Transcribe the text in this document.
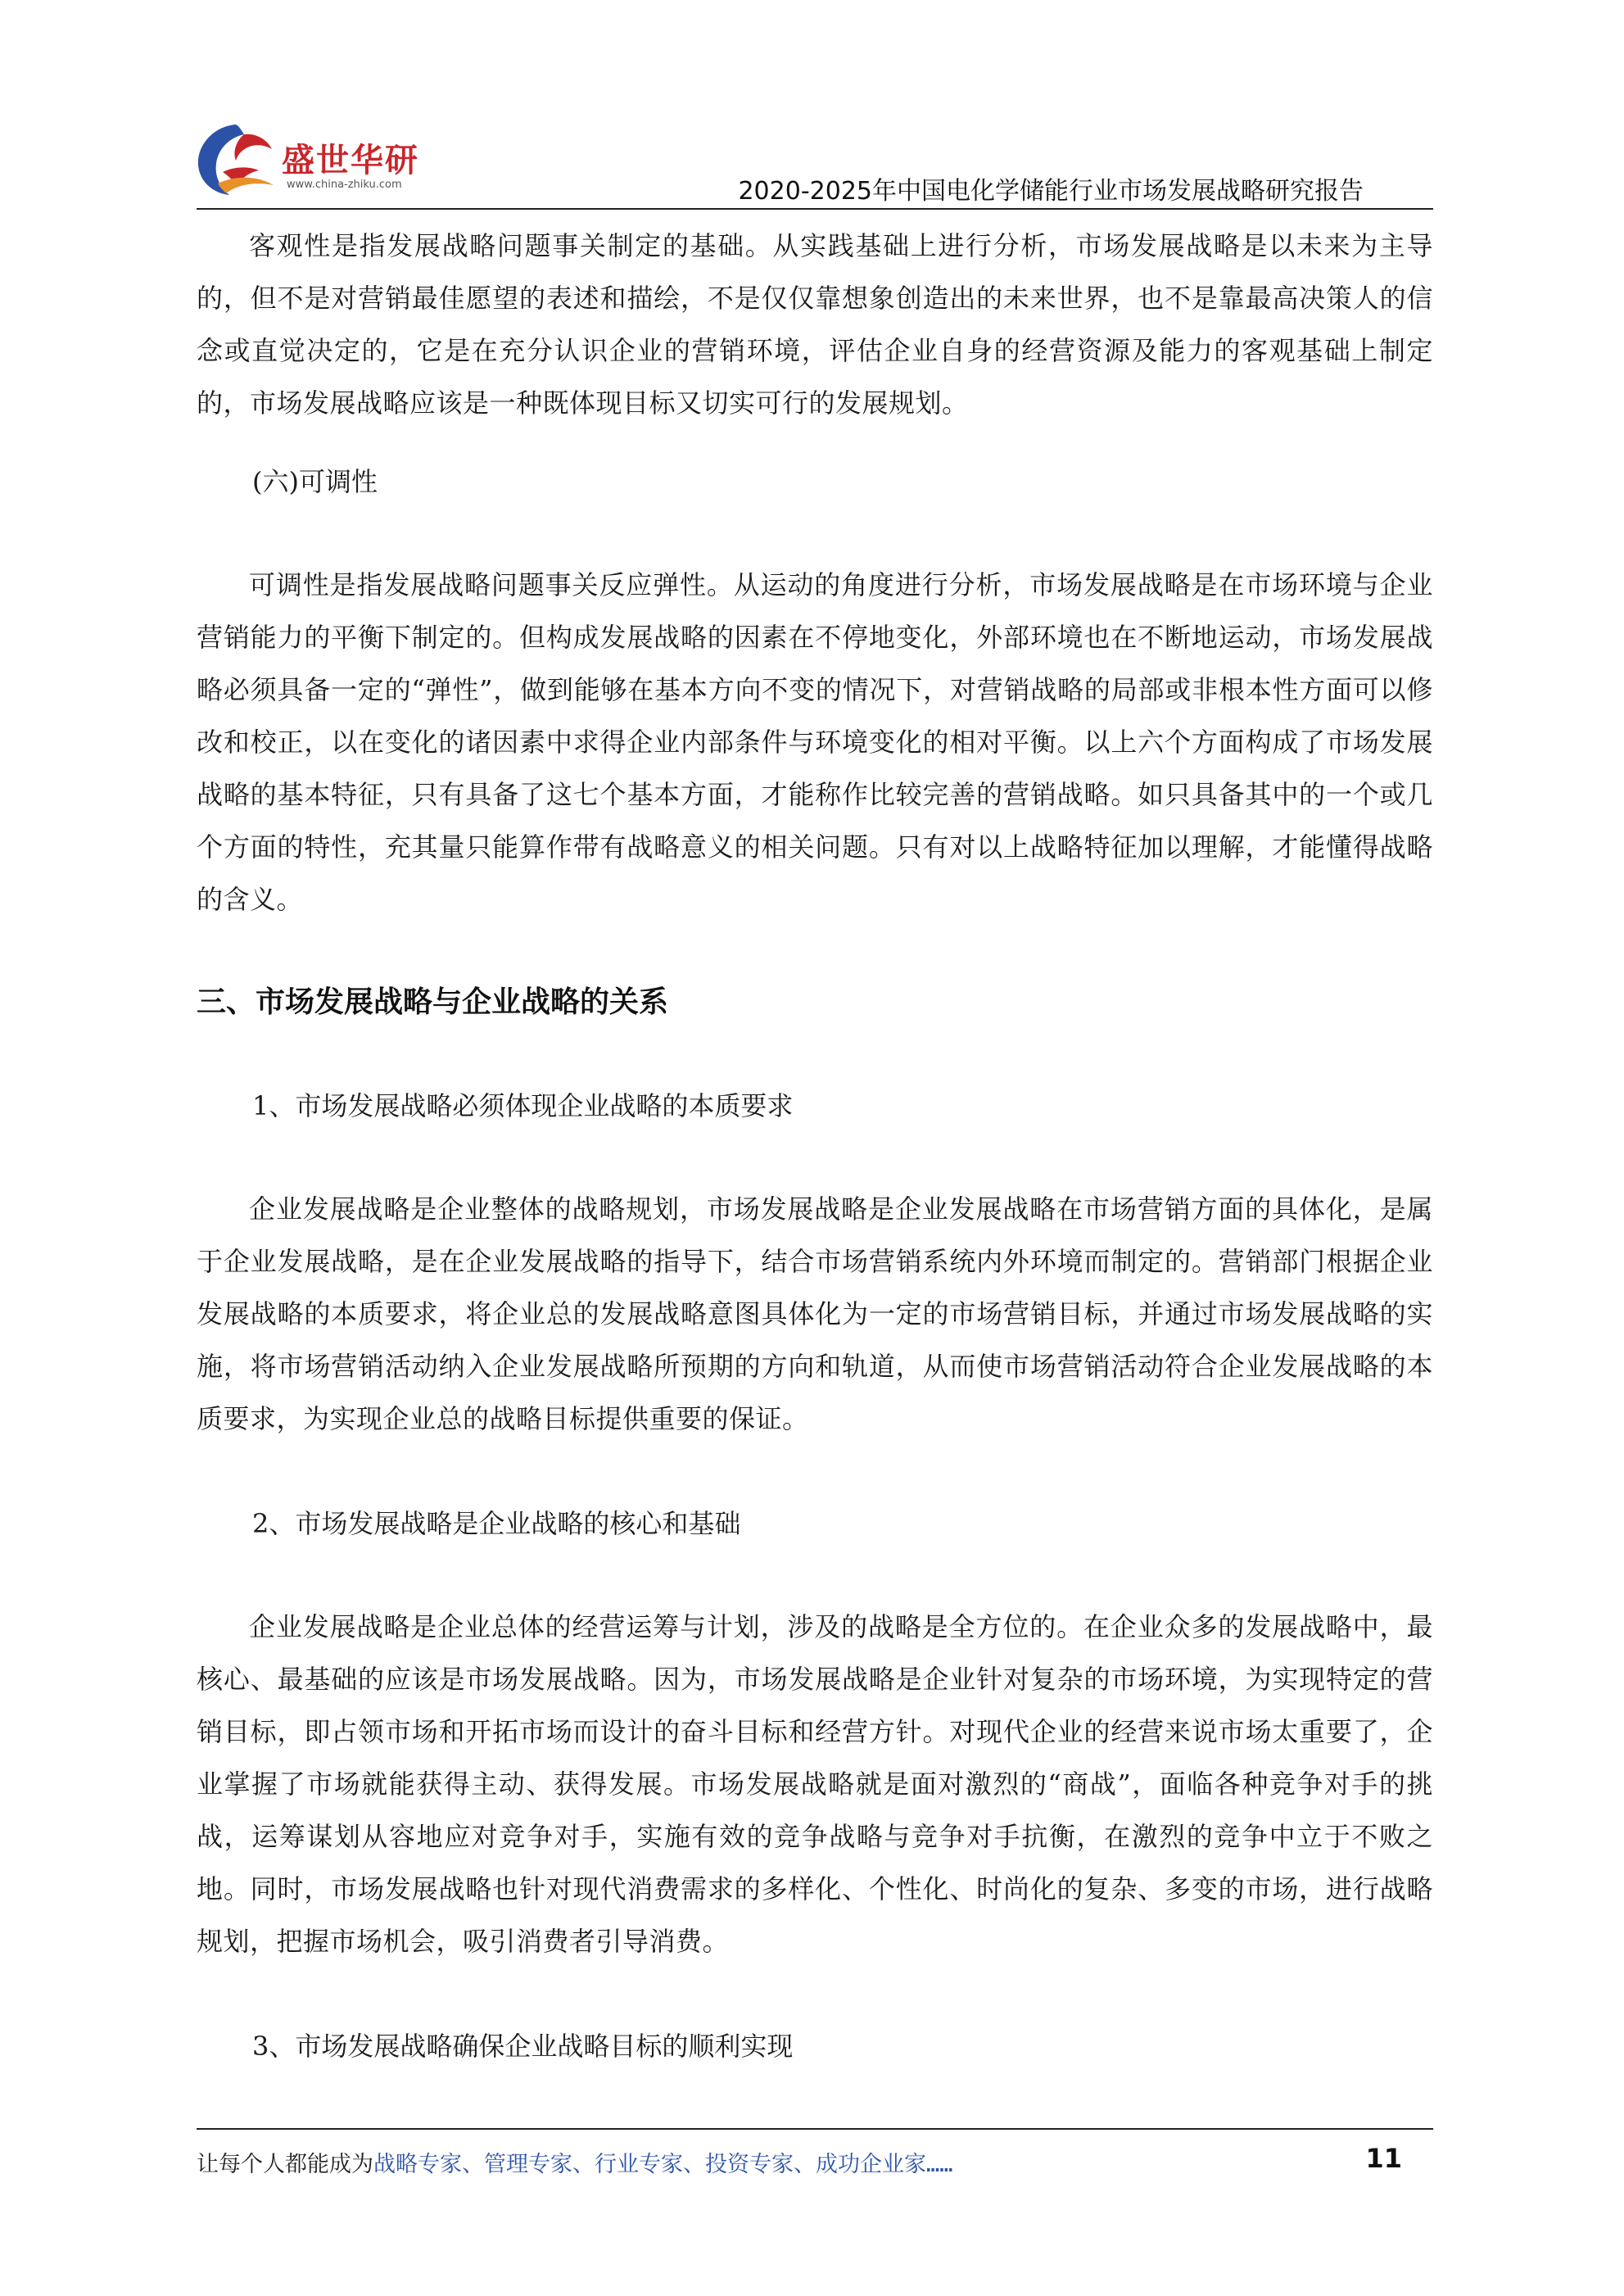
盛世华研
www.china-zhiku.com	2020-2025年中国电化学储能行业市场发展战略研究报告

客观性是指发展战略问题事关制定的基础。从实践基础上进行分析，市场发展战略是以未来为主导的，但不是对营销最佳愿望的表述和描绘，不是仅仅靠想象创造出的未来世界，也不是靠最高决策人的信念或直觉决定的，它是在充分认识企业的营销环境，评估企业自身的经营资源及能力的客观基础上制定的，市场发展战略应该是一种既体现目标又切实可行的发展规划。

(六)可调性

可调性是指发展战略问题事关反应弹性。从运动的角度进行分析，市场发展战略是在市场环境与企业营销能力的平衡下制定的。但构成发展战略的因素在不停地变化，外部环境也在不断地运动，市场发展战略必须具备一定的“弹性”，做到能够在基本方向不变的情况下，对营销战略的局部或非根本性方面可以修改和校正，以在变化的诸因素中求得企业内部条件与环境变化的相对平衡。以上六个方面构成了市场发展战略的基本特征，只有具备了这七个基本方面，才能称作比较完善的营销战略。如只具备其中的一个或几个方面的特性，充其量只能算作带有战略意义的相关问题。只有对以上战略特征加以理解，才能懂得战略的含义。

三、市场发展战略与企业战略的关系

1、市场发展战略必须体现企业战略的本质要求

企业发展战略是企业整体的战略规划，市场发展战略是企业发展战略在市场营销方面的具体化，是属于企业发展战略，是在企业发展战略的指导下，结合市场营销系统内外环境而制定的。营销部门根据企业发展战略的本质要求，将企业总的发展战略意图具体化为一定的市场营销目标，并通过市场发展战略的实施，将市场营销活动纳入企业发展战略所预期的方向和轨道，从而使市场营销活动符合企业发展战略的本质要求，为实现企业总的战略目标提供重要的保证。

2、市场发展战略是企业战略的核心和基础

企业发展战略是企业总体的经营运筹与计划，涉及的战略是全方位的。在企业众多的发展战略中，最核心、最基础的应该是市场发展战略。因为，市场发展战略是企业针对复杂的市场环境，为实现特定的营销目标，即占领市场和开拓市场而设计的奋斗目标和经营方针。对现代企业的经营来说市场太重要了，企业掌握了市场就能获得主动、获得发展。市场发展战略就是面对激烈的“商战”，面临各种竞争对手的挑战，运筹谋划从容地应对竞争对手，实施有效的竞争战略与竞争对手抗衡，在激烈的竞争中立于不败之地。同时，市场发展战略也针对现代消费需求的多样化、个性化、时尚化的复杂、多变的市场，进行战略规划，把握市场机会，吸引消费者引导消费。

3、市场发展战略确保企业战略目标的顺利实现

让每个人都能成为战略专家、管理专家、行业专家、投资专家、成功企业家……	11
